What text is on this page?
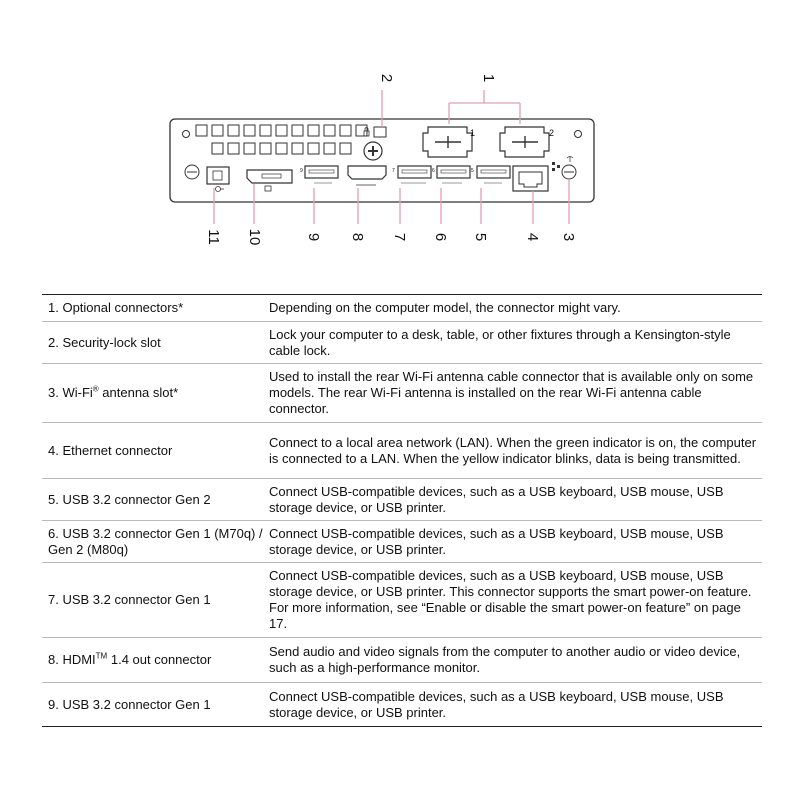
1	2
9	7	6	5
2	1
11 10	9 8 7 6 5 4 3
1. Optional connectors*	Depending on the computer model, the connector might vary.
2. Security-lock slot	Lock your computer to a desk, table, or other fixtures through a Kensington-style cable lock.
3. Wi-Fi® antenna slot*	Used to install the rear Wi-Fi antenna cable connector that is available only on some models. The rear Wi-Fi antenna is installed on the rear Wi-Fi antenna cable connector.
4. Ethernet connector	Connect to a local area network (LAN). When the green indicator is on, the computer is connected to a LAN. When the yellow indicator blinks, data is being transmitted.
5. USB 3.2 connector Gen 2	Connect USB-compatible devices, such as a USB keyboard, USB mouse, USB storage device, or USB printer.
6. USB 3.2 connector Gen 1 (M70q) / Gen 2 (M80q)	Connect USB-compatible devices, such as a USB keyboard, USB mouse, USB storage device, or USB printer.
7. USB 3.2 connector Gen 1	Connect USB-compatible devices, such as a USB keyboard, USB mouse, USB storage device, or USB printer. This connector supports the smart power-on feature. For more information, see “Enable or disable the smart power-on feature” on page 17.
8. HDMI™ 1.4 out connector	Send audio and video signals from the computer to another audio or video device, such as a high-performance monitor.
9. USB 3.2 connector Gen 1	Connect USB-compatible devices, such as a USB keyboard, USB mouse, USB storage device, or USB printer.
